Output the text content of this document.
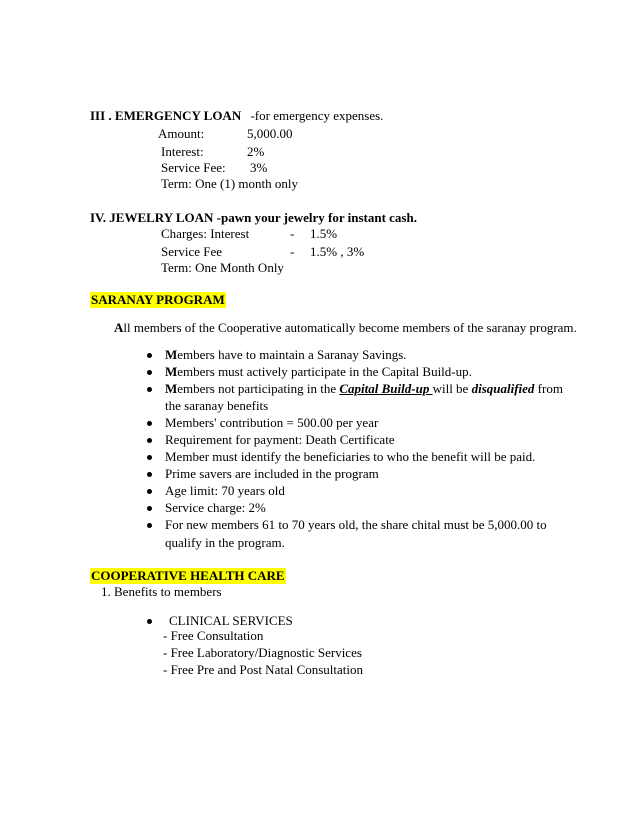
III . EMERGENCY LOAN -for emergency expenses.
Amount:	5,000.00
Interest:	2%
Service Fee: 3%
Term: One (1) month only
IV. JEWELRY LOAN -pawn your jewelry for instant cash.
Charges: Interest	- 1.5%
Service Fee	- 1.5% , 3%
Term: One Month Only
SARANAY PROGRAM
All members of the Cooperative automatically become members of the saranay program.
Members have to maintain a Saranay Savings.
Members must actively participate in the Capital Build-up.
Members not participating in the Capital Build-up will be disqualified from
the saranay benefits
Members' contribution = 500.00 per year
Requirement for payment: Death Certificate
Member must identify the beneficiaries to who the benefit will be paid.
Prime savers are included in the program
Age limit: 70 years old
Service charge: 2%
For new members 61 to 70 years old, the share chital must be 5,000.00 to
qualify in the program.
COOPERATIVE HEALTH CARE
1. Benefits to members
CLINICAL SERVICES
- Free Consultation
- Free Laboratory/Diagnostic Services
- Free Pre and Post Natal Consultation
